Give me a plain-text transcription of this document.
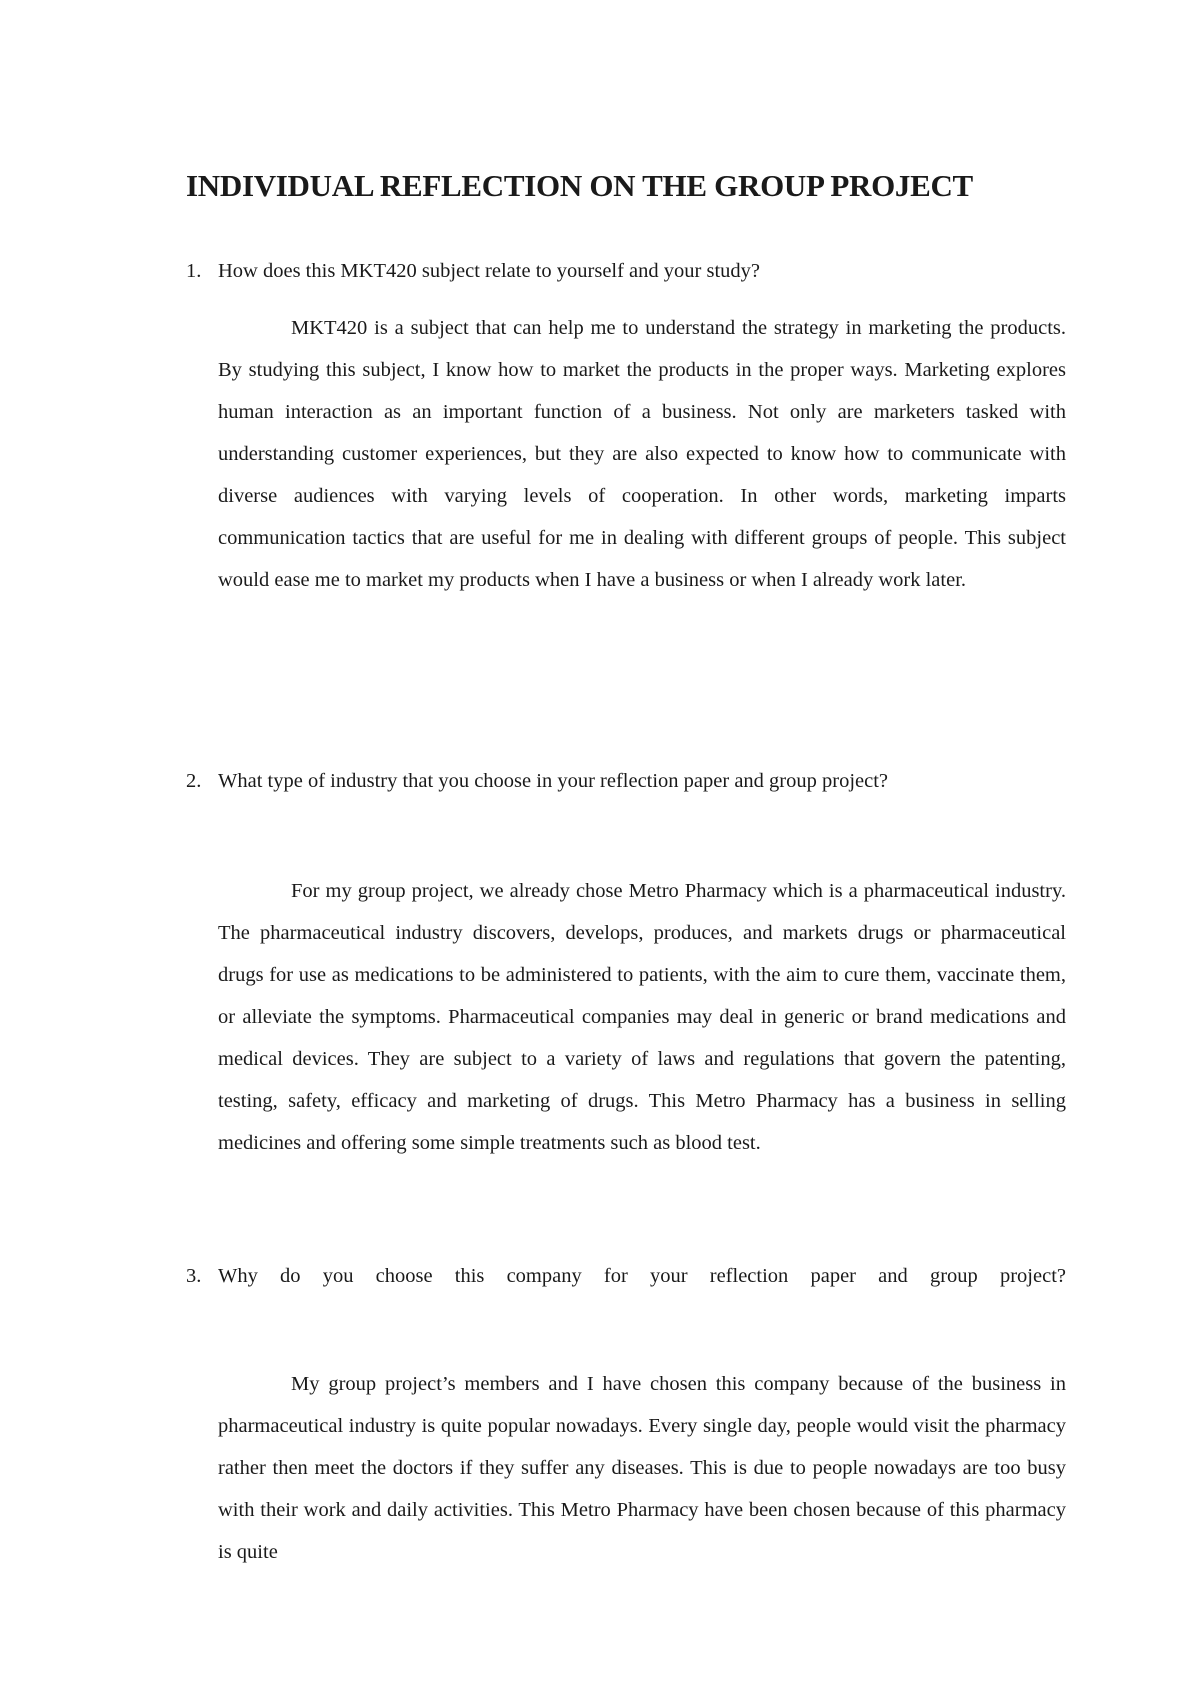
INDIVIDUAL REFLECTION ON THE GROUP PROJECT

1. How does this MKT420 subject relate to yourself and your study?

MKT420 is a subject that can help me to understand the strategy in marketing the products. By studying this subject, I know how to market the products in the proper ways. Marketing explores human interaction as an important function of a business. Not only are marketers tasked with understanding customer experiences, but they are also expected to know how to communicate with diverse audiences with varying levels of cooperation. In other words, marketing imparts communication tactics that are useful for me in dealing with different groups of people. This subject would ease me to market my products when I have a business or when I already work later.

2. What type of industry that you choose in your reflection paper and group project?

For my group project, we already chose Metro Pharmacy which is a pharmaceutical industry. The pharmaceutical industry discovers, develops, produces, and markets drugs or pharmaceutical drugs for use as medications to be administered to patients, with the aim to cure them, vaccinate them, or alleviate the symptoms. Pharmaceutical companies may deal in generic or brand medications and medical devices. They are subject to a variety of laws and regulations that govern the patenting, testing, safety, efficacy and marketing of drugs. This Metro Pharmacy has a business in selling medicines and offering some simple treatments such as blood test.

3. Why do you choose this company for your reflection paper and group project?

My group project’s members and I have chosen this company because of the business in pharmaceutical industry is quite popular nowadays. Every single day, people would visit the pharmacy rather then meet the doctors if they suffer any diseases. This is due to people nowadays are too busy with their work and daily activities. This Metro Pharmacy have been chosen because of this pharmacy is quite
